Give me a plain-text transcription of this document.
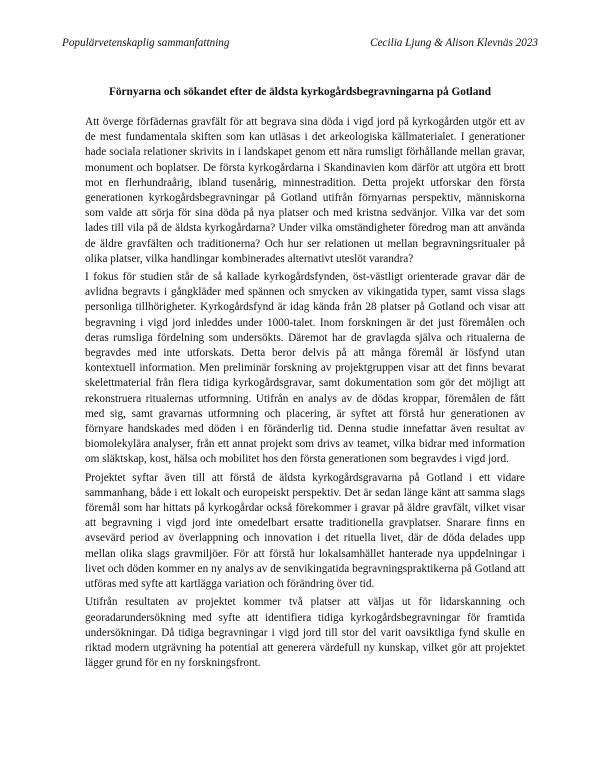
Populärvetenskaplig sammanfattning	Cecilia Ljung & Alison Klevnäs 2023
Förnyarna och sökandet efter de äldsta kyrkogårdsbegravningarna på Gotland

Att överge förfädernas gravfält för att begrava sina döda i vigd jord på kyrkogården utgör ett av de mest fundamentala skiften som kan utläsas i det arkeologiska källmaterialet. I generationer hade sociala relationer skrivits in i landskapet genom ett nära rumsligt förhållande mellan gravar, monument och boplatser. De första kyrkogårdarna i Skandinavien kom därför att utgöra ett brott mot en flerhundraårig, ibland tusenårig, minnestradition. Detta projekt utforskar den första generationen kyrkogårdsbegravningar på Gotland utifrån förnyarnas perspektiv, människorna som valde att sörja för sina döda på nya platser och med kristna sedvänjor. Vilka var det som lades till vila på de äldsta kyrkogårdarna? Under vilka omständigheter föredrog man att använda de äldre gravfälten och traditionerna? Och hur ser relationen ut mellan begravningsritualer på olika platser, vilka handlingar kombinerades alternativt uteslöt varandra?

I fokus för studien står de så kallade kyrkogårdsfynden, öst-västligt orienterade gravar där de avlidna begravts i gångkläder med spännen och smycken av vikingatida typer, samt vissa slags personliga tillhörigheter. Kyrkogårdsfynd är idag kända från 28 platser på Gotland och visar att begravning i vigd jord inleddes under 1000-talet. Inom forskningen är det just föremålen och deras rumsliga fördelning som undersökts. Däremot har de gravlagda själva och ritualerna de begravdes med inte utforskats. Detta beror delvis på att många föremål är lösfynd utan kontextuell information. Men preliminär forskning av projektgruppen visar att det finns bevarat skelettmaterial från flera tidiga kyrkogårdsgravar, samt dokumentation som gör det möjligt att rekonstruera ritualernas utformning. Utifrån en analys av de dödas kroppar, föremålen de fått med sig, samt gravarnas utformning och placering, är syftet att förstå hur generationen av förnyare handskades med döden i en föränderlig tid. Denna studie innefattar även resultat av biomolekylära analyser, från ett annat projekt som drivs av teamet, vilka bidrar med information om släktskap, kost, hälsa och mobilitet hos den första generationen som begravdes i vigd jord.

Projektet syftar även till att förstå de äldsta kyrkogårdsgravarna på Gotland i ett vidare sammanhang, både i ett lokalt och europeiskt perspektiv. Det är sedan länge känt att samma slags föremål som har hittats på kyrkogårdar också förekommer i gravar på äldre gravfält, vilket visar att begravning i vigd jord inte omedelbart ersatte traditionella gravplatser. Snarare finns en avsevärd period av överlappning och innovation i det rituella livet, där de döda delades upp mellan olika slags gravmiljöer. För att förstå hur lokalsamhället hanterade nya uppdelningar i livet och döden kommer en ny analys av de senvikingatida begravningspraktikerna på Gotland att utföras med syfte att kartlägga variation och förändring över tid.

Utifrån resultaten av projektet kommer två platser att väljas ut för lidarskanning och georadarundersökning med syfte att identifiera tidiga kyrkogårdsbegravningar för framtida undersökningar. Då tidiga begravningar i vigd jord till stor del varit oavsiktliga fynd skulle en riktad modern utgrävning ha potential att generera värdefull ny kunskap, vilket gör att projektet lägger grund för en ny forskningsfront.
